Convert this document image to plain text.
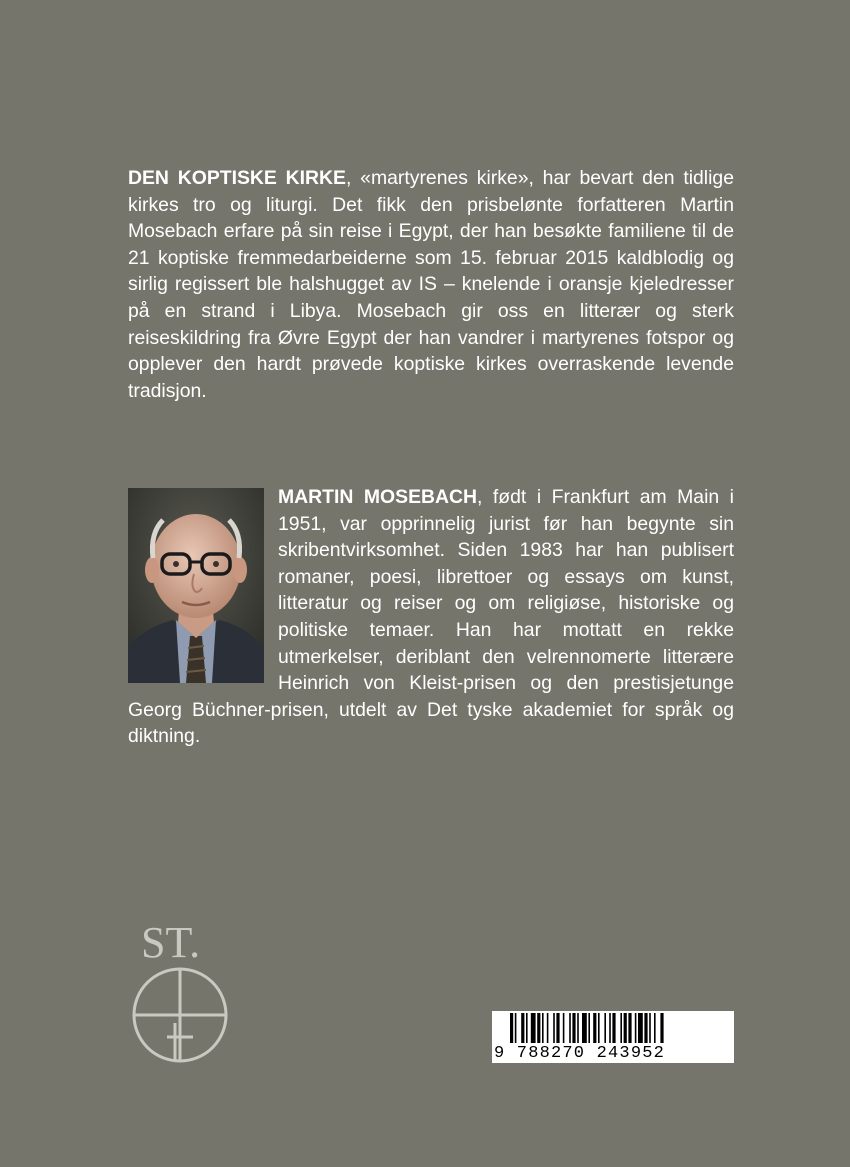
DEN KOPTISKE KIRKE, «martyrenes kirke», har bevart den tidlige kirkes tro og liturgi. Det fikk den prisbelønte forfatteren Martin Mosebach erfare på sin reise i Egypt, der han besøkte familiene til de 21 koptiske fremmedarbeiderne som 15. februar 2015 kaldblodig og sirlig regissert ble halshugget av IS – knelende i oransje kjeledresser på en strand i Libya. Mosebach gir oss en litterær og sterk reiseskildring fra Øvre Egypt der han vandrer i martyrenes fotspor og opplever den hardt prøvede koptiske kirkes overraskende levende tradisjon.

MARTIN MOSEBACH, født i Frankfurt am Main i 1951, var opprinnelig jurist før han begynte sin skribentvirksomhet. Siden 1983 har han publisert romaner, poesi, librettoer og essays om kunst, litteratur og reiser og om religiøse, historiske og politiske temaer. Han har mottatt en rekke utmerkelser, deriblant den velrennomerte litterære Heinrich von Kleist-prisen og den prestisjetunge Georg Büchner-prisen, utdelt av Det tyske akademiet for språk og diktning.

ST.
9 788270 243952
